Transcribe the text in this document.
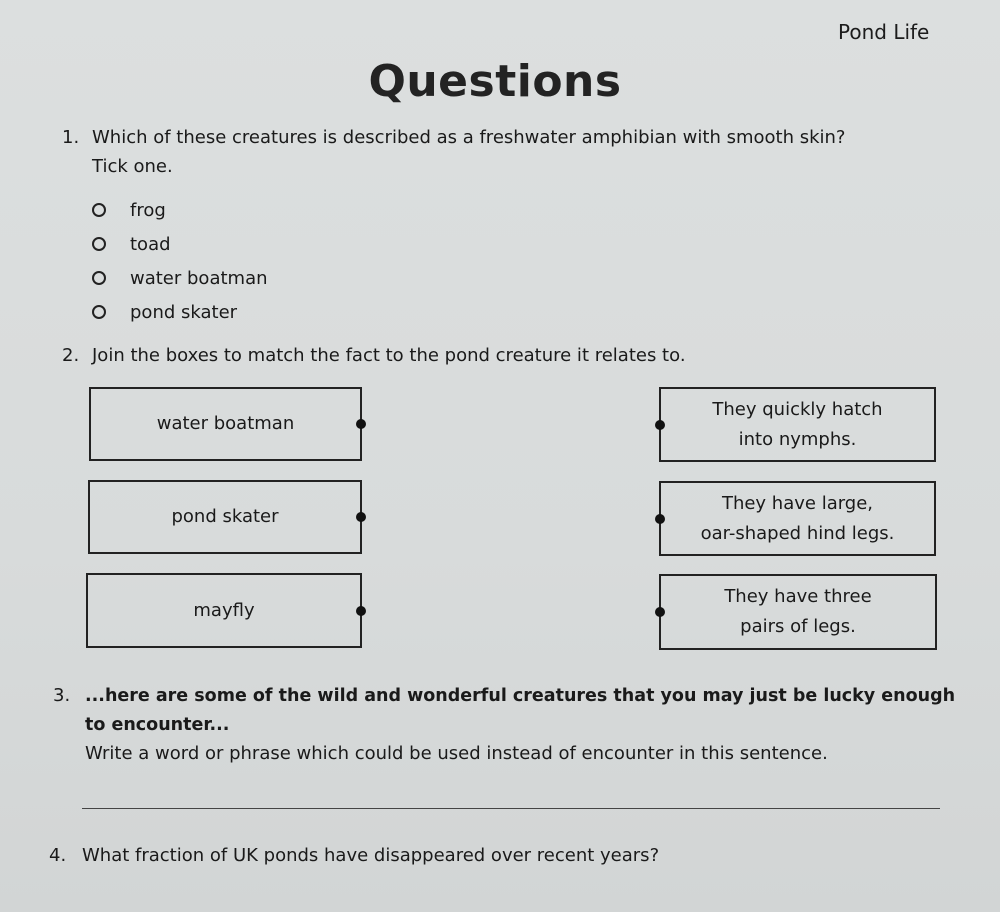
Pond Life
Questions
1. Which of these creatures is described as a freshwater amphibian with smooth skin?
Tick one.
frog
toad
water boatman
pond skater
2. Join the boxes to match the fact to the pond creature it relates to.
water boatman
pond skater
mayfly
They quickly hatch
into nymphs.
They have large,
oar-shaped hind legs.
They have three
pairs of legs.
3. ...here are some of the wild and wonderful creatures that you may just be lucky enough
to encounter...
Write a word or phrase which could be used instead of encounter in this sentence.
4. What fraction of UK ponds have disappeared over recent years?
